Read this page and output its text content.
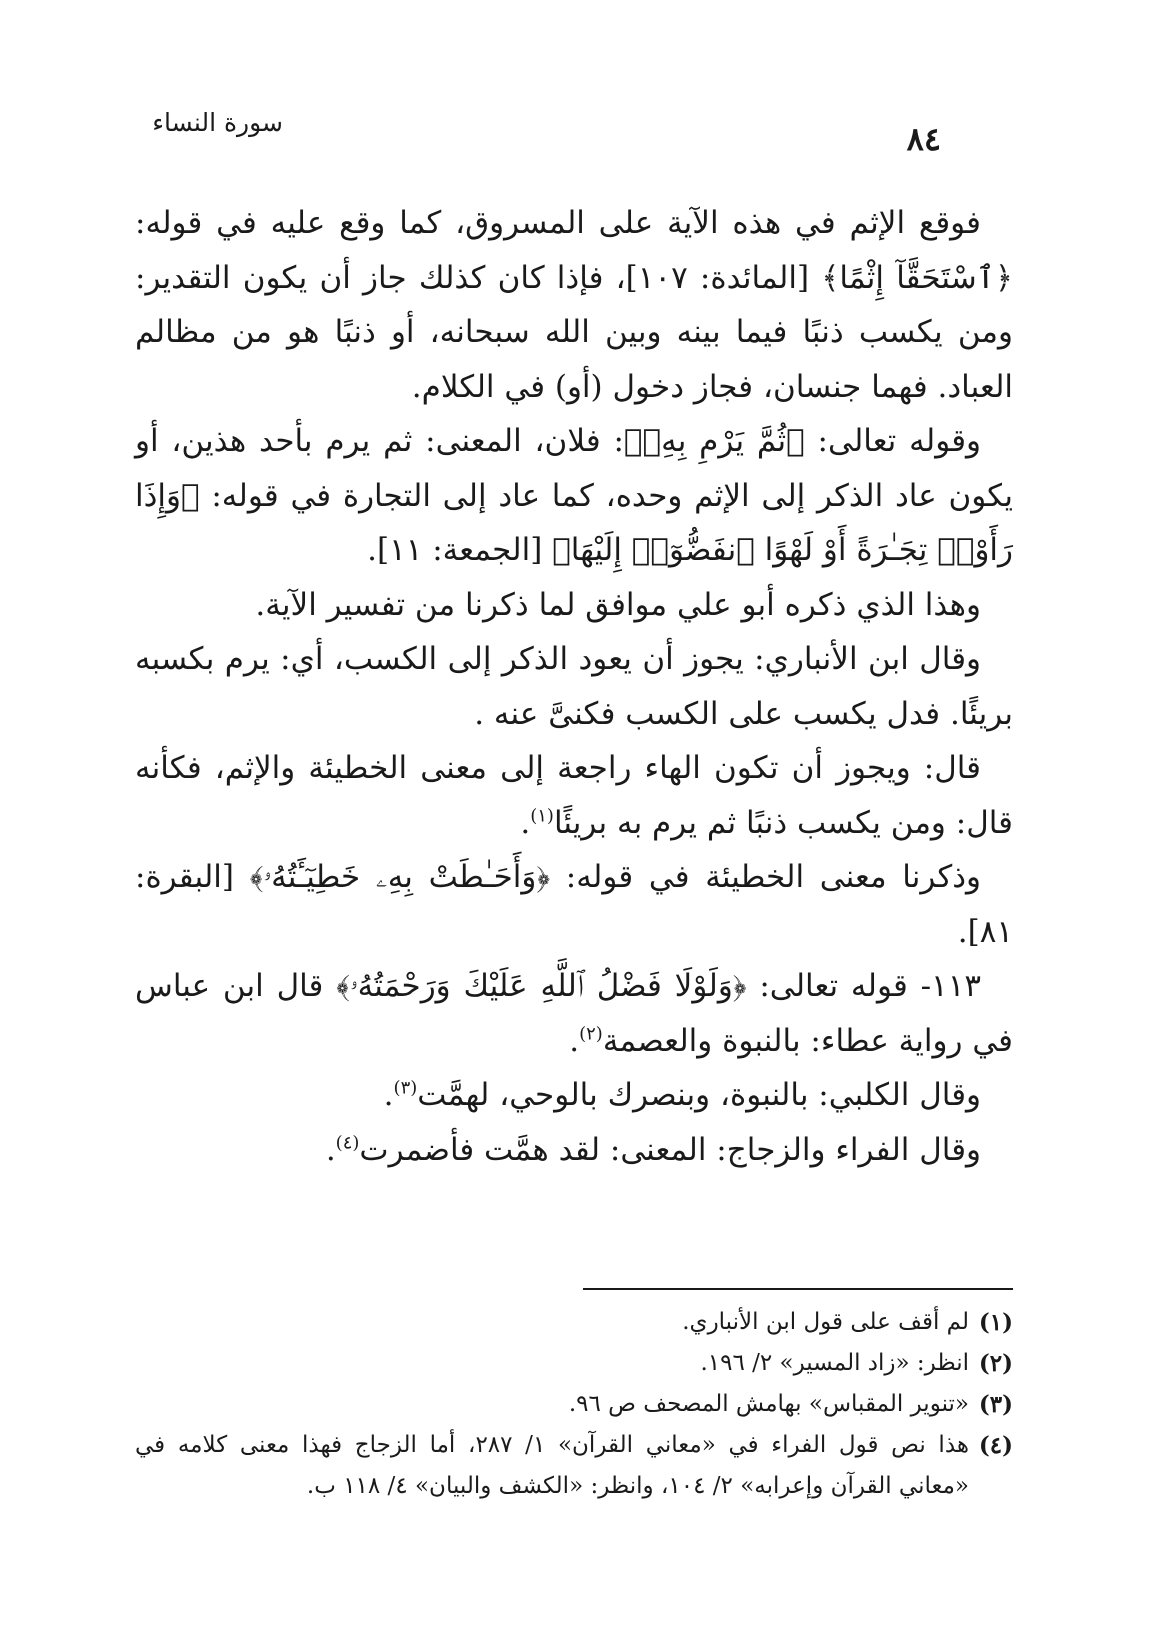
سورة النساء	٨٤

فوقع الإثم في هذه الآية على المسروق، كما وقع عليه في قوله: ﴿ٱسْتَحَقَّآ إِثْمًا﴾ [المائدة: ١٠٧]، فإذا كان كذلك جاز أن يكون التقدير: ومن يكسب ذنبًا فيما بينه وبين الله سبحانه، أو ذنبًا هو من مظالم العباد. فهما جنسان، فجاز دخول (أو) في الكلام.

وقوله تعالى: ﴿ثُمَّ يَرْمِ بِهِۦ﴾: فلان، المعنى: ثم يرم بأحد هذين، أو يكون عاد الذكر إلى الإثم وحده، كما عاد إلى التجارة في قوله: ﴿وَإِذَا رَأَوْا۟ تِجَـٰرَةً أَوْ لَهْوًا ٱنفَضُّوٓا۟ إِلَيْهَا﴾ [الجمعة: ١١].

وهذا الذي ذكره أبو علي موافق لما ذكرنا من تفسير الآية.

وقال ابن الأنباري: يجوز أن يعود الذكر إلى الكسب، أي: يرم بكسبه بريئًا. فدل يكسب على الكسب فكنىَّ عنه .

قال: ويجوز أن تكون الهاء راجعة إلى معنى الخطيئة والإثم، فكأنه قال: ومن يكسب ذنبًا ثم يرم به بريئًا$^{(١)}$.

وذكرنا معنى الخطيئة في قوله: ﴿وَأَحَـٰطَتْ بِهِۦ خَطِيٓـَٔتُهُۥ﴾ [البقرة: ٨١].

١١٣- قوله تعالى: ﴿وَلَوْلَا فَضْلُ ٱللَّهِ عَلَيْكَ وَرَحْمَتُهُۥ﴾ قال ابن عباس في رواية عطاء: بالنبوة والعصمة$^{(٢)}$.

وقال الكلبي: بالنبوة، وبنصرك بالوحي، لهمَّت$^{(٣)}$.

وقال الفراء والزجاج: المعنى: لقد همَّت فأضمرت$^{(٤)}$.

(١)
لم أقف على قول ابن الأنباري.

(٢)
انظر: «زاد المسير» ٢/ ١٩٦.

(٣)
«تنوير المقباس» بهامش المصحف ص ٩٦.

(٤)
هذا نص قول الفراء في «معاني القرآن» ١/ ٢٨٧، أما الزجاج فهذا معنى كلامه في «معاني القرآن وإعرابه» ٢/ ١٠٤، وانظر: «الكشف والبيان» ٤/ ١١٨ ب.
